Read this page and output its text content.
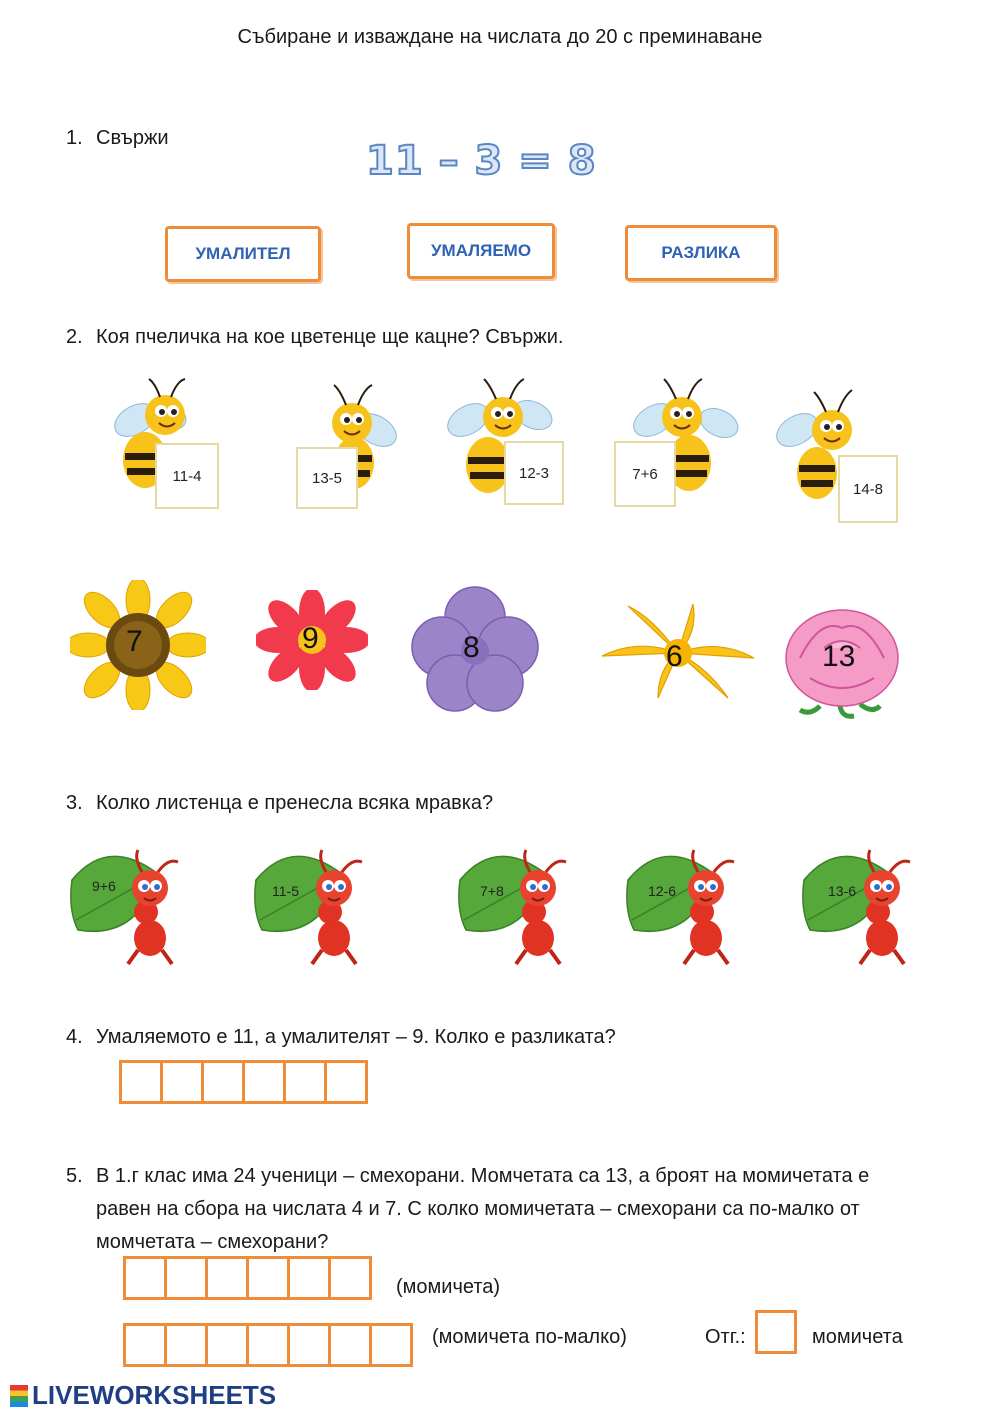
Събиране и изваждане на числата до 20 с преминаване
1. Свържи	11 – 3 = 8
УМАЛИТЕЛ	УМАЛЯЕМО	РАЗЛИКА
2. Коя пчеличка на кое цветенце ще кацне? Свържи.
11-4	13-5	12-3	7+6
14-8
7	9	8	6	13
3. Колко листенца е пренесла всяка мравка?
9+6	11-5	7+8	12-6	13-6
4. Умаляемото е 11, а умалителят – 9. Колко е разликата?
5. В 1.г клас има 24 ученици – смехорани. Момчетата са 13, а броят на момичетата е
равен на сбора на числата 4 и 7. С колко момичетата – смехорани са по-малко от
момчетата – смехорани?
(момичета)
(момичета по-малко)	Отг.:	момичета
LIVEWORKSHEETS
